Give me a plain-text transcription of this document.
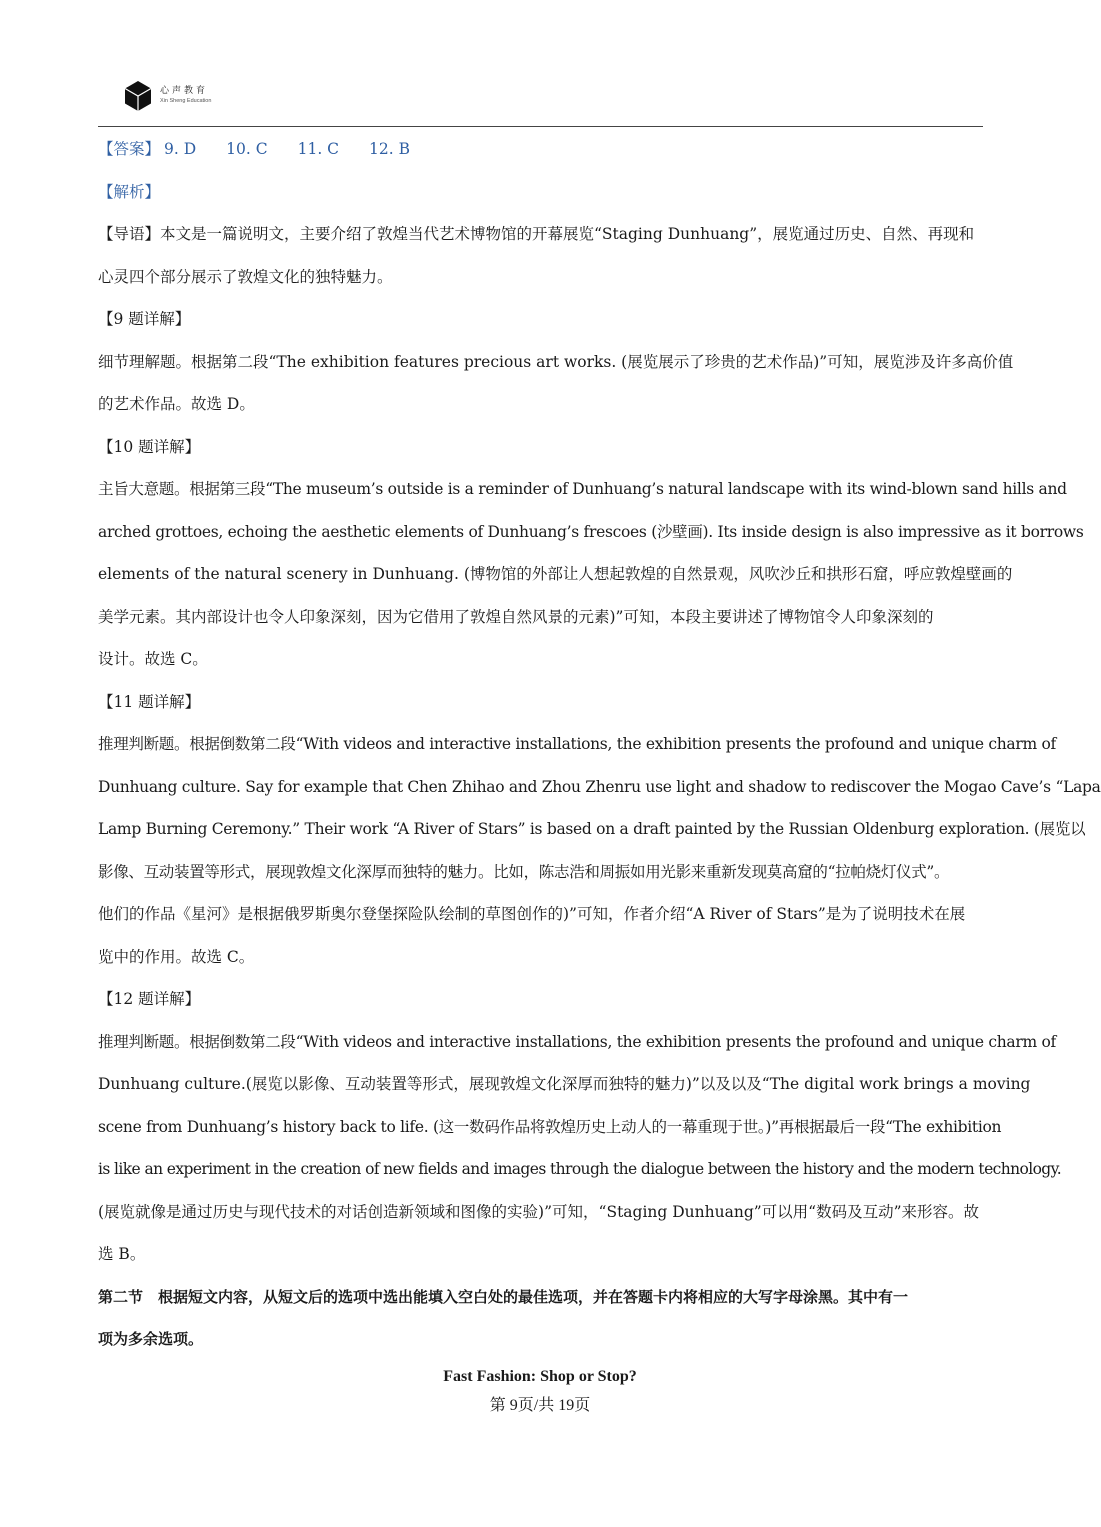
心声教育
Xin Sheng Education
【答案】 9. D 10. C 11. C 12. B
【解析】
【导语】本文是一篇说明文，主要介绍了敦煌当代艺术博物馆的开幕展览“Staging Dunhuang”，展览通过历史、自然、再现和
心灵四个部分展示了敦煌文化的独特魅力。
【9 题详解】
细节理解题。根据第二段“The exhibition features precious art works. (展览展示了珍贵的艺术作品)”可知，展览涉及许多高价值
的艺术作品。故选 D。
【10 题详解】
主旨大意题。根据第三段“The museum’s outside is a reminder of Dunhuang’s natural landscape with its wind-blown sand hills and
arched grottoes, echoing the aesthetic elements of Dunhuang’s frescoes (沙壁画). Its inside design is also impressive as it borrows
elements of the natural scenery in Dunhuang. (博物馆的外部让人想起敦煌的自然景观，风吹沙丘和拱形石窟，呼应敦煌壁画的
美学元素。其内部设计也令人印象深刻，因为它借用了敦煌自然风景的元素)”可知，本段主要讲述了博物馆令人印象深刻的
设计。故选 C。
【11 题详解】
推理判断题。根据倒数第二段“With videos and interactive installations, the exhibition presents the profound and unique charm of
Dunhuang culture. Say for example that Chen Zhihao and Zhou Zhenru use light and shadow to rediscover the Mogao Cave’s “Lapa
Lamp Burning Ceremony.” Their work “A River of Stars” is based on a draft painted by the Russian Oldenburg exploration. (展览以
影像、互动装置等形式，展现敦煌文化深厚而独特的魅力。比如，陈志浩和周振如用光影来重新发现莫高窟的“拉帕烧灯仪式”。
他们的作品《星河》是根据俄罗斯奥尔登堡探险队绘制的草图创作的)”可知，作者介绍“A River of Stars”是为了说明技术在展
览中的作用。故选 C。
【12 题详解】
推理判断题。根据倒数第二段“With videos and interactive installations, the exhibition presents the profound and unique charm of
Dunhuang culture.(展览以影像、互动装置等形式，展现敦煌文化深厚而独特的魅力)”以及以及“The digital work brings a moving
scene from Dunhuang’s history back to life. (这一数码作品将敦煌历史上动人的一幕重现于世。)”再根据最后一段“The exhibition
is like an experiment in the creation of new fields and images through the dialogue between the history and the modern technology.
(展览就像是通过历史与现代技术的对话创造新领域和图像的实验)”可知，“Staging Dunhuang”可以用“数码及互动”来形容。故
选 B。
第二节　根据短文内容，从短文后的选项中选出能填入空白处的最佳选项，并在答题卡内将相应的大写字母涂黑。其中有一
项为多余选项。
Fast Fashion: Shop or Stop?
第 9页/共 19页
